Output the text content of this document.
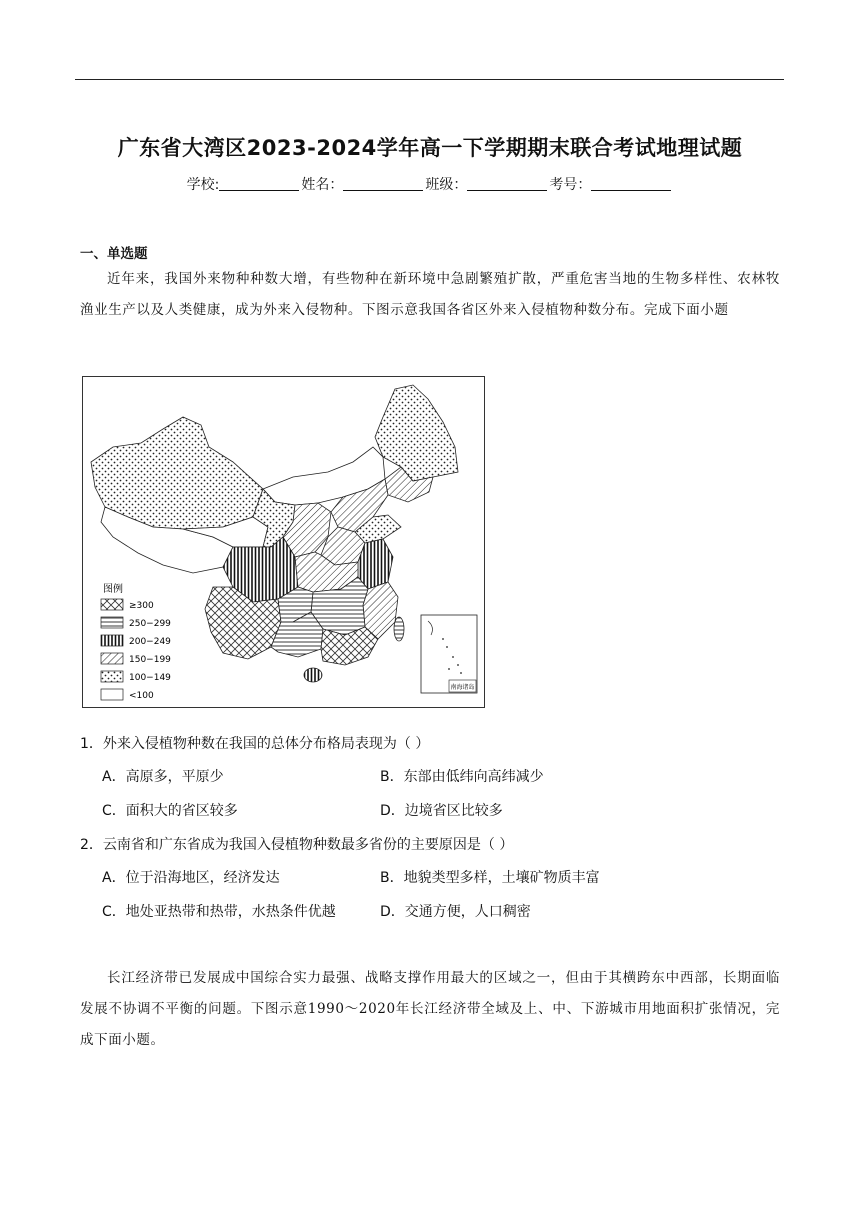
广东省大湾区2023-2024学年高一下学期期末联合考试地理试题
学校:	姓名：	班级：	考号：
一、单选题
近年来，我国外来物种种数大增，有些物种在新环境中急剧繁殖扩散，严重危害当地的生物多样性、农林牧渔业生产以及人类健康，成为外来入侵物种。下图示意我国各省区外来入侵植物种数分布。完成下面小题
南海诸岛
图例
≥300
250−299
200−249
150−199
100−149
<100
1．外来入侵植物种数在我国的总体分布格局表现为（ ）
A．高原多，平原少	B．东部由低纬向高纬减少
C．面积大的省区较多	D．边境省区比较多
2．云南省和广东省成为我国入侵植物种数最多省份的主要原因是（ ）
A．位于沿海地区，经济发达	B．地貌类型多样，土壤矿物质丰富
C．地处亚热带和热带，水热条件优越	D．交通方便，人口稠密
长江经济带已发展成中国综合实力最强、战略支撑作用最大的区域之一，但由于其横跨东中西部，长期面临发展不协调不平衡的问题。下图示意1990～2020年长江经济带全域及上、中、下游城市用地面积扩张情况，完成下面小题。
